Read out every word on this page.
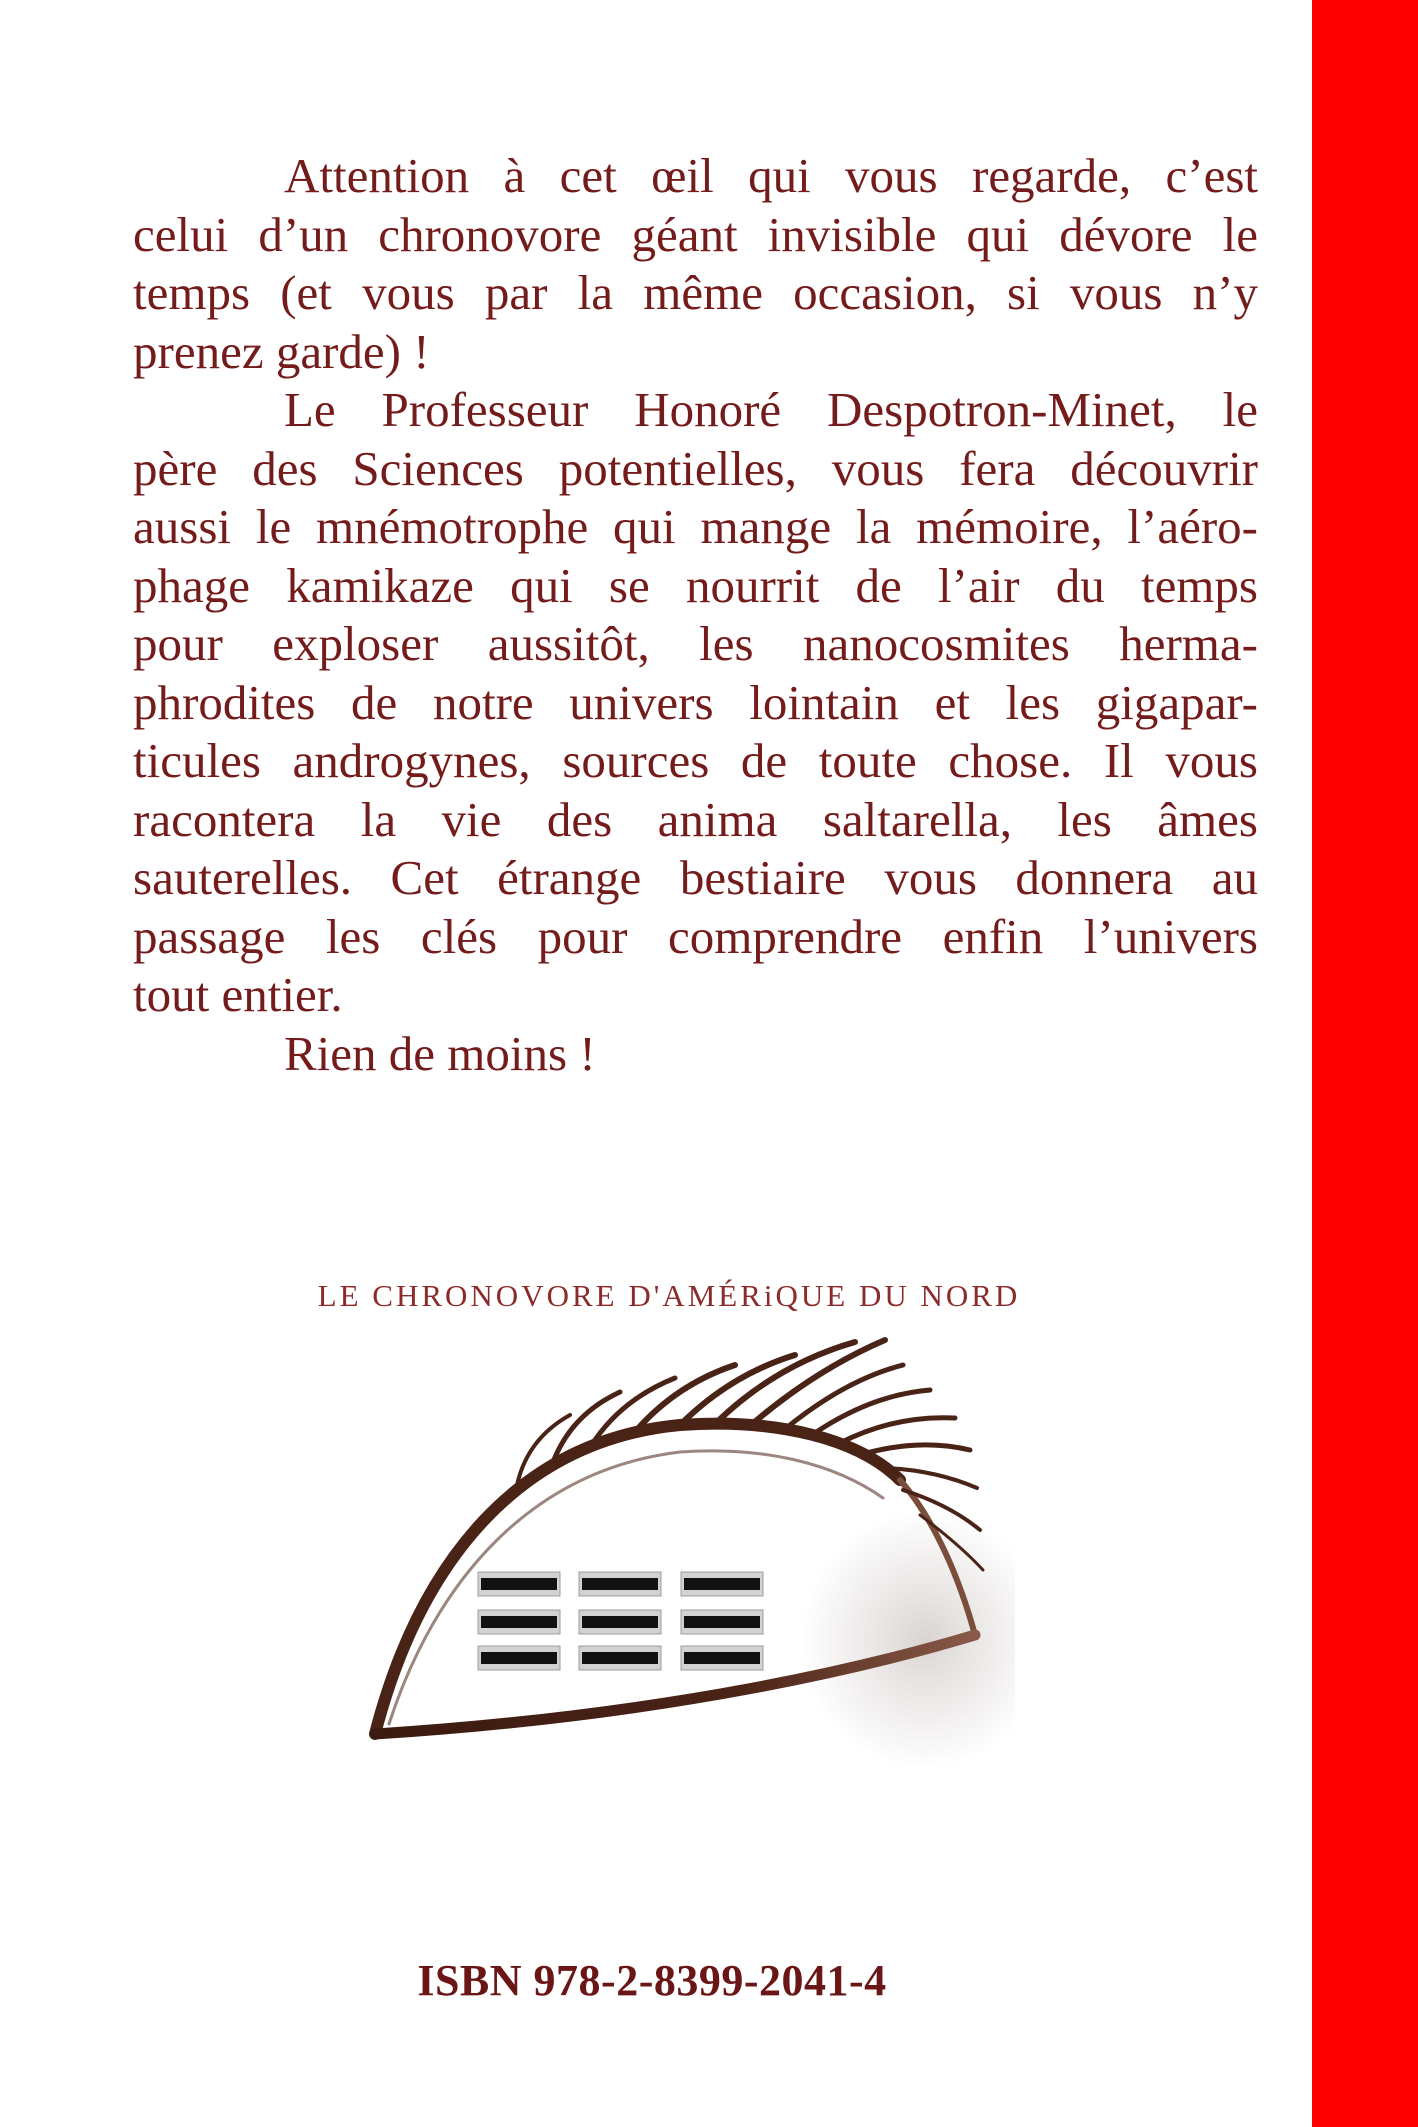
Attention à cet œil qui vous regarde, c’est
celui d’un chronovore géant invisible qui dévore le
temps (et vous par la même occasion, si vous n’y
prenez garde) !
Le Professeur Honoré Despotron-Minet, le
père des Sciences potentielles, vous fera découvrir
aussi le mnémotrophe qui mange la mémoire, l’aéro-
phage kamikaze qui se nourrit de l’air du temps
pour exploser aussitôt, les nanocosmites herma-
phrodites de notre univers lointain et les gigapar-
ticules androgynes, sources de toute chose. Il vous
racontera la vie des anima saltarella, les âmes
sauterelles. Cet étrange bestiaire vous donnera au
passage les clés pour comprendre enfin l’univers
tout entier.
Rien de moins !
LE CHRONOVORE D'AMÉRiQUE DU NORD
ISBN 978-2-8399-2041-4
